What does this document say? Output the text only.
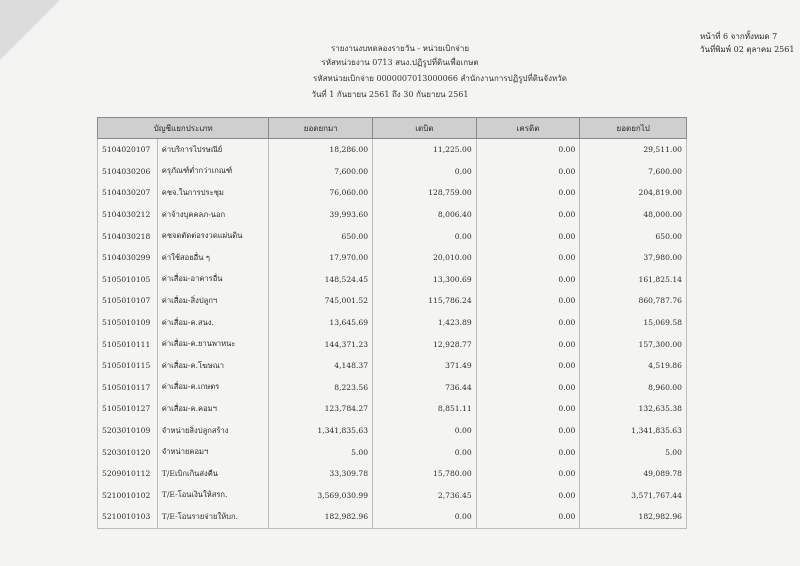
หน้าที่ 6 จากทั้งหมด 7
วันที่พิมพ์ 02 ตุลาคม 2561
รายงานงบทดลองรายวัน - หน่วยเบิกจ่าย
รหัสหน่วยงาน 0713 สนง.ปฏิรูปที่ดินเพื่อเกษต
รหัสหน่วยเบิกจ่าย 0000007013000066 สำนักงานการปฏิรูปที่ดินจังหวัด
วันที่ 1 กันยายน 2561 ถึง 30 กันยายน 2561
บัญชีแยกประเภท	ยอดยกมา	เดบิต	เครดิต	ยอดยกไป
5104020107	ค่าบริการไปรษณีย์	18,286.00	11,225.00	0.00	29,511.00
5104030206	ครุภัณฑ์ต่ำกว่าเกณฑ์	7,600.00	0.00	0.00	7,600.00
5104030207	คชจ.ในการประชุม	76,060.00	128,759.00	0.00	204,819.00
5104030212	ค่าจ้างบุคคลภ-นอก	39,993.60	8,006.40	0.00	48,000.00
5104030218	คชจดตัดต่อรงวดแผ่นดิน	650.00	0.00	0.00	650.00
5104030299	ค่าใช้สอยอื่น ๆ	17,970.00	20,010.00	0.00	37,980.00
5105010105	ค่าเสื่อม-อาคารอื่น	148,524.45	13,300.69	0.00	161,825.14
5105010107	ค่าเสื่อม-สิ่งปลูกฯ	745,001.52	115,786.24	0.00	860,787.76
5105010109	ค่าเสื่อม-ค.สนง.	13,645.69	1,423.89	0.00	15,069.58
5105010111	ค่าเสื่อม-ค.ยานพาหนะ	144,371.23	12,928.77	0.00	157,300.00
5105010115	ค่าเสื่อม-ค.โฆษณา	4,148.37	371.49	0.00	4,519.86
5105010117	ค่าเสื่อม-ค.เกษตร	8,223.56	736.44	0.00	8,960.00
5105010127	ค่าเสื่อม-ค.คอมฯ	123,784.27	8,851.11	0.00	132,635.38
5203010109	จำหน่ายสิ่งปลูกสร้าง	1,341,835.63	0.00	0.00	1,341,835.63
5203010120	จำหน่ายคอมฯ	5.00	0.00	0.00	5.00
5209010112	T/Eเบิกเกินส่งคืน	33,309.78	15,780.00	0.00	49,089.78
5210010102	T/E-โอนเงินให้สรก.	3,569,030.99	2,736.45	0.00	3,571,767.44
5210010103	T/E-โอนรายจ่ายให้บก.	182,982.96	0.00	0.00	182,982.96
